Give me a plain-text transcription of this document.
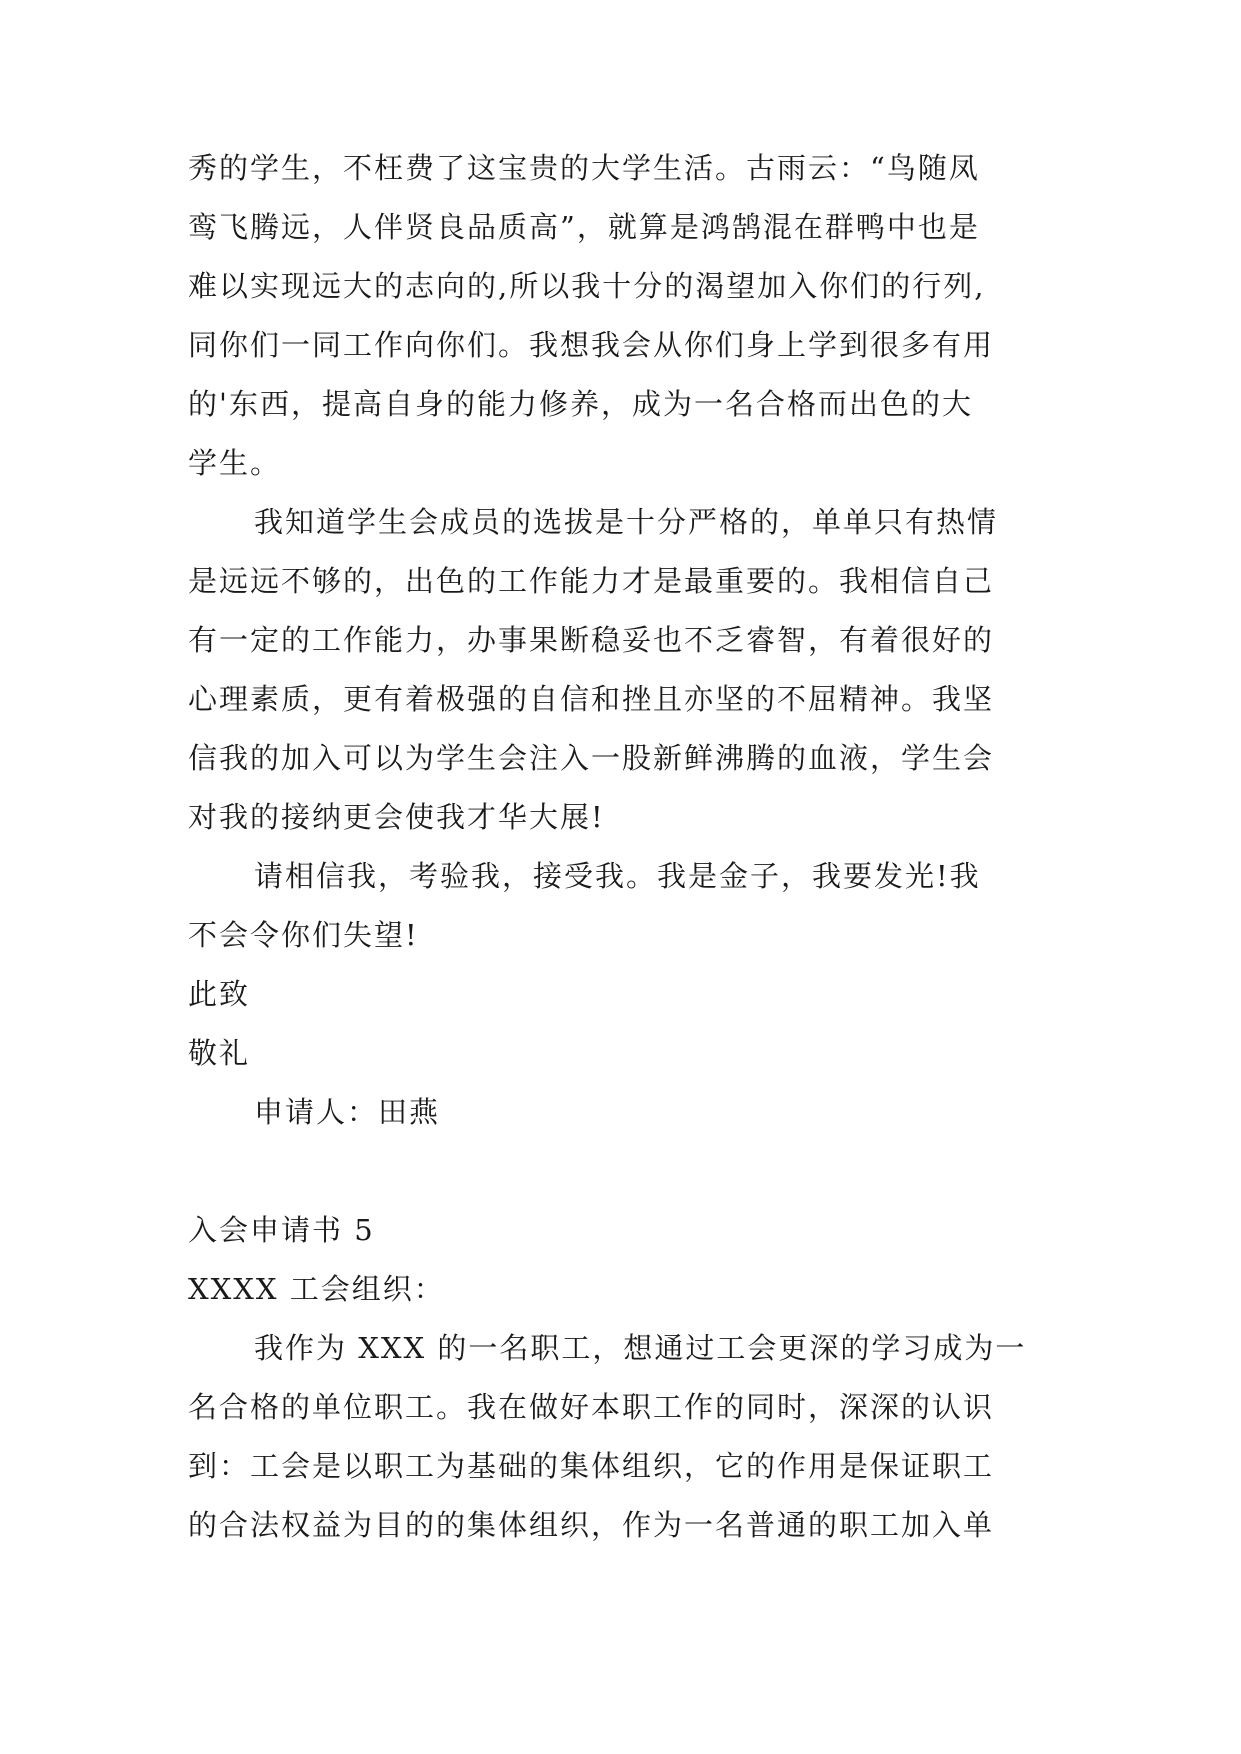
秀的学生，不枉费了这宝贵的大学生活。古雨云：“鸟随凤
鸾飞腾远，人伴贤良品质高”，就算是鸿鹄混在群鸭中也是
难以实现远大的志向的,所以我十分的渴望加入你们的行列,
同你们一同工作向你们。我想我会从你们身上学到很多有用
的'东西，提高自身的能力修养，成为一名合格而出色的大
学生。
我知道学生会成员的选拔是十分严格的，单单只有热情
是远远不够的，出色的工作能力才是最重要的。我相信自己
有一定的工作能力，办事果断稳妥也不乏睿智，有着很好的
心理素质，更有着极强的自信和挫且亦坚的不屈精神。我坚
信我的加入可以为学生会注入一股新鲜沸腾的血液，学生会
对我的接纳更会使我才华大展!
请相信我，考验我，接受我。我是金子，我要发光!我
不会令你们失望!
此致
敬礼
申请人：田燕
入会申请书 5
XXXX 工会组织：
我作为 XXX 的一名职工，想通过工会更深的学习成为一
名合格的单位职工。我在做好本职工作的同时，深深的认识
到：工会是以职工为基础的集体组织，它的作用是保证职工
的合法权益为目的的集体组织，作为一名普通的职工加入单
